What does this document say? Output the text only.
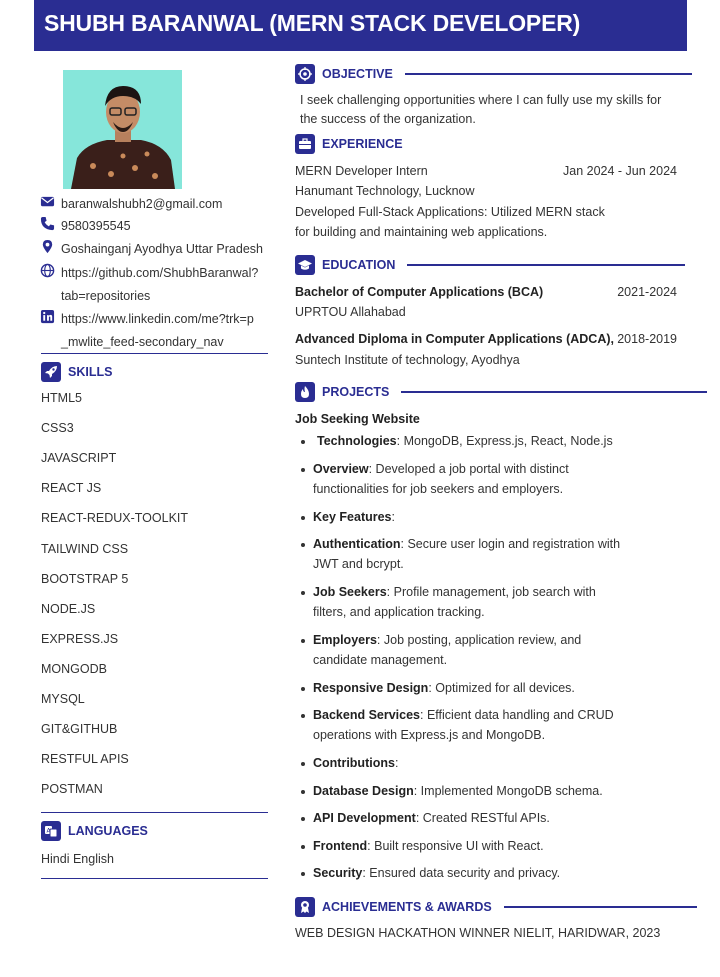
SHUBH BARANWAL (MERN STACK DEVELOPER)
baranwalshubh2@gmail.com
9580395545
Goshainganj Ayodhya Uttar Pradesh
https://github.com/ShubhBaranwal?
tab=repositories
https://www.linkedin.com/me?trk=p
_mwlite_feed-secondary_nav
SKILLS
HTML5
CSS3
JAVASCRIPT
REACT JS
REACT-REDUX-TOOLKIT
TAILWIND CSS
BOOTSTRAP 5
NODE.JS
EXPRESS.JS
MONGODB
MYSQL
GIT&GITHUB
RESTFUL APIS
POSTMAN
A LANGUAGES
Hindi English
OBJECTIVE
I seek challenging opportunities where I can fully use my skills for
the success of the organization.
EXPERIENCE
MERN Developer Intern	Jan 2024 - Jun 2024
Hanumant Technology, Lucknow
Developed Full-Stack Applications: Utilized MERN stack
for building and maintaining web applications.
EDUCATION
Bachelor of Computer Applications (BCA)	2021-2024
UPRTOU Allahabad
Advanced Diploma in Computer Applications (ADCA), 2018-2019
Suntech Institute of technology, Ayodhya
PROJECTS
Job Seeking Website
Technologies: MongoDB, Express.js, React, Node.js
Overview: Developed a job portal with distinct
functionalities for job seekers and employers.
Key Features:
Authentication: Secure user login and registration with
JWT and bcrypt.
Job Seekers: Profile management, job search with
filters, and application tracking.
Employers: Job posting, application review, and
candidate management.
Responsive Design: Optimized for all devices.
Backend Services: Efficient data handling and CRUD
operations with Express.js and MongoDB.
Contributions:
Database Design: Implemented MongoDB schema.
API Development: Created RESTful APIs.
Frontend: Built responsive UI with React.
Security: Ensured data security and privacy.
ACHIEVEMENTS & AWARDS
WEB DESIGN HACKATHON WINNER NIELIT, HARIDWAR, 2023
